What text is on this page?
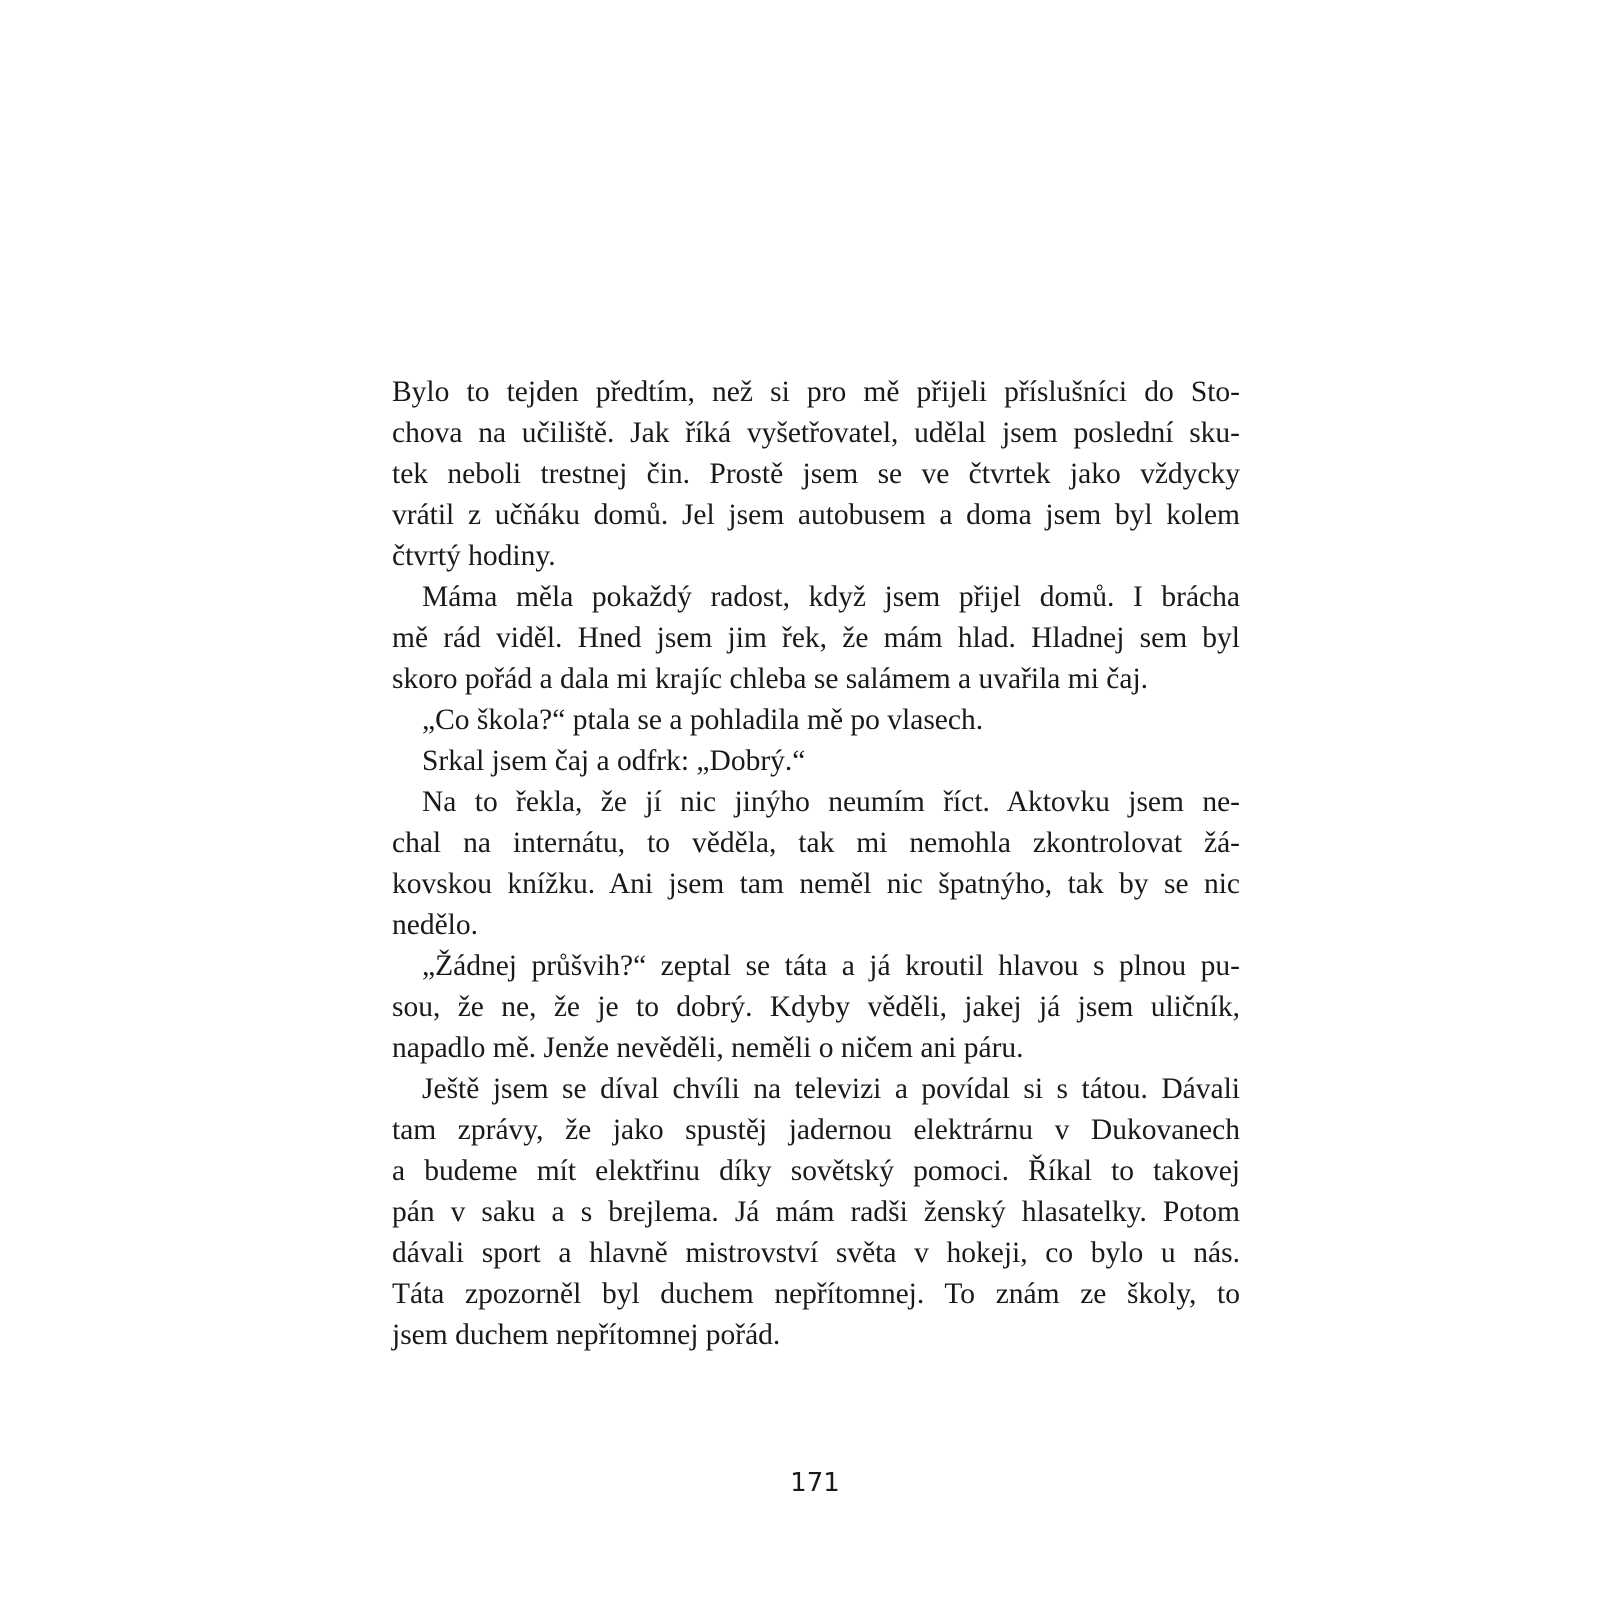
Bylo to tejden předtím, než si pro mě přijeli příslušníci do Sto-
chova na učiliště. Jak říká vyšetřovatel, udělal jsem poslední sku-
tek neboli trestnej čin. Prostě jsem se ve čtvrtek jako vždycky
vrátil z učňáku domů. Jel jsem autobusem a doma jsem byl kolem
čtvrtý hodiny.
Máma měla pokaždý radost, když jsem přijel domů. I brácha
mě rád viděl. Hned jsem jim řek, že mám hlad. Hladnej sem byl
skoro pořád a dala mi krajíc chleba se salámem a uvařila mi čaj.
„Co škola?“ ptala se a pohladila mě po vlasech.
Srkal jsem čaj a odfrk: „Dobrý.“
Na to řekla, že jí nic jinýho neumím říct. Aktovku jsem ne-
chal na internátu, to věděla, tak mi nemohla zkontrolovat žá-
kovskou knížku. Ani jsem tam neměl nic špatnýho, tak by se nic
nedělo.
„Žádnej průšvih?“ zeptal se táta a já kroutil hlavou s plnou pu-
sou, že ne, že je to dobrý. Kdyby věděli, jakej já jsem uličník,
napadlo mě. Jenže nevěděli, neměli o ničem ani páru.
Ještě jsem se díval chvíli na televizi a povídal si s tátou. Dávali
tam zprávy, že jako spustěj jadernou elektrárnu v Dukovanech
a budeme mít elektřinu díky sovětský pomoci. Říkal to takovej
pán v saku a s brejlema. Já mám radši ženský hlasatelky. Potom
dávali sport a hlavně mistrovství světa v hokeji, co bylo u nás.
Táta zpozorněl byl duchem nepřítomnej. To znám ze školy, to
jsem duchem nepřítomnej pořád.
171
